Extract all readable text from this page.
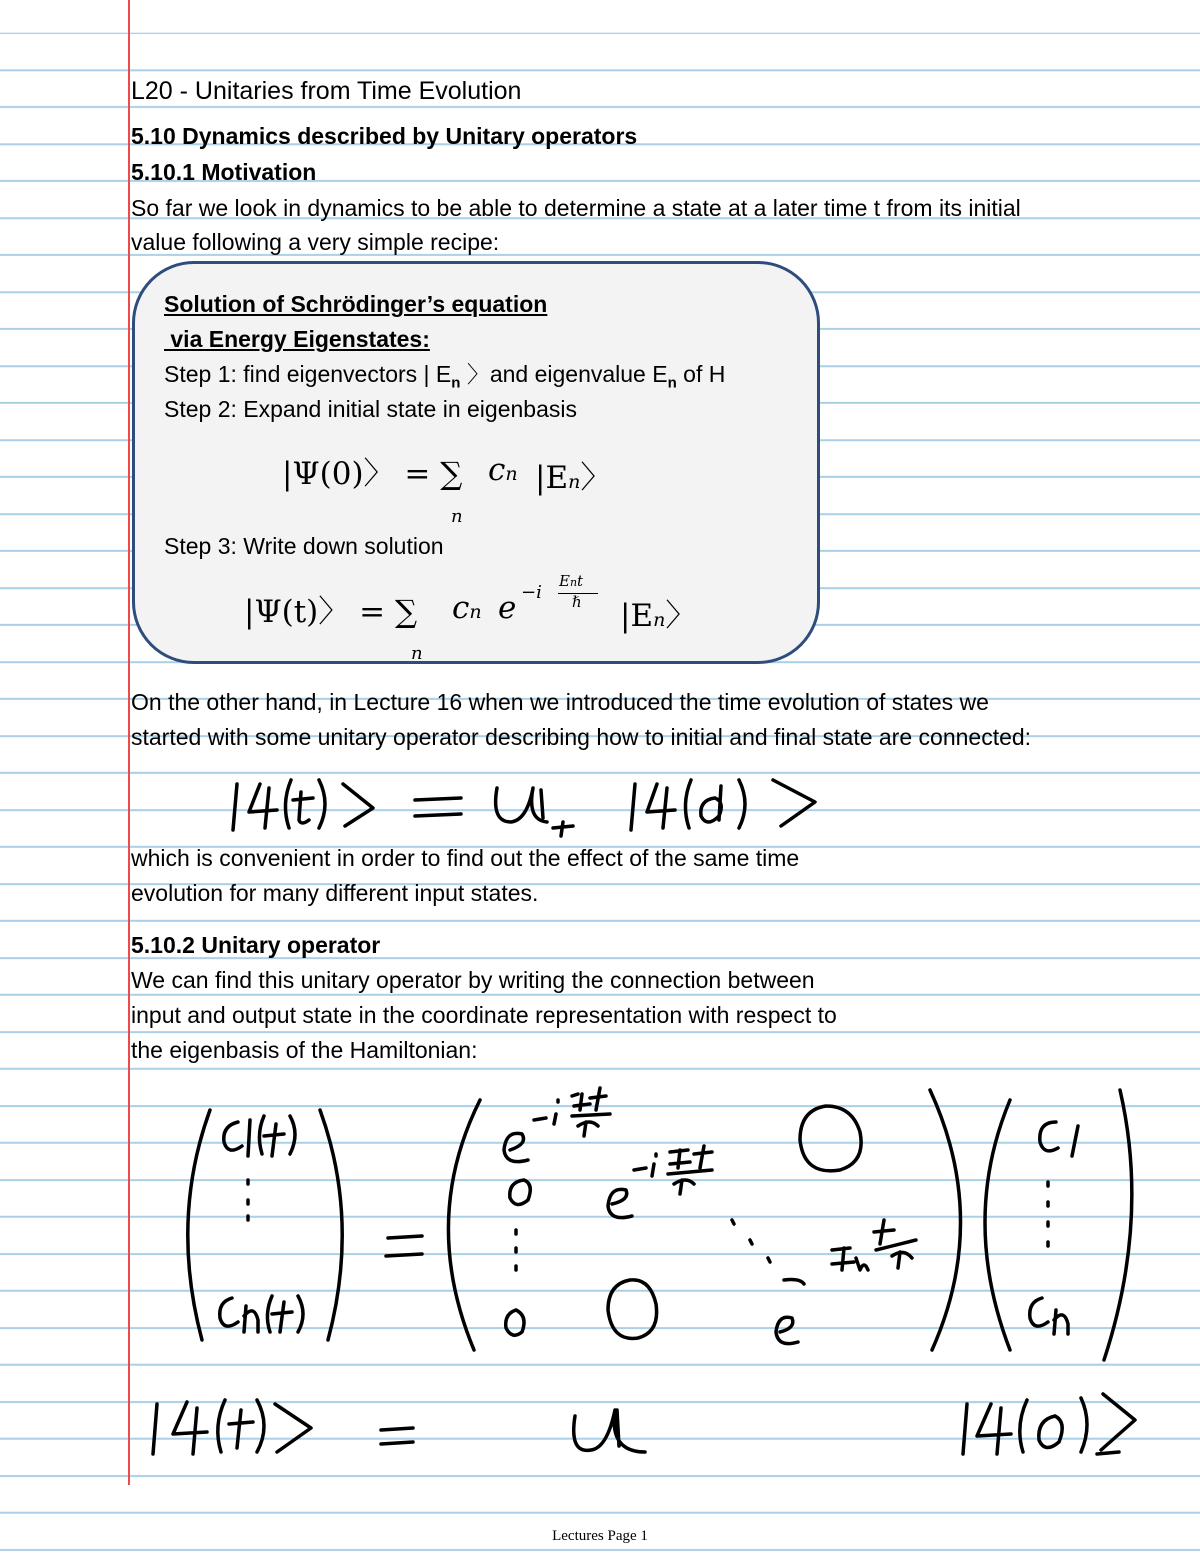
L20 - Unitaries from Time Evolution
5.10 Dynamics described by Unitary operators
5.10.1 Motivation
So far we look in dynamics to be able to determine a state at a later time t from its initial
value following a very simple recipe:
Solution of Schrödinger’s equation
via Energy Eigenstates:
Step 1: find eigenvectors | $E_n$ 〉and eigenvalue $E_n$ of H
Step 2: Expand initial state in eigenbasis
|Ψ(0)〉 = ∑ cn |En〉
n
Step 3: Write down solution
|Ψ(t)〉 = ∑ cn e −i
Ent
ℏ |En〉
n
On the other hand, in Lecture 16 when we introduced the time evolution of states we
started with some unitary operator describing how to initial and final state are connected:
which is convenient in order to find out the effect of the same time
evolution for many different input states.
5.10.2 Unitary operator
We can find this unitary operator by writing the connection between
input and output state in the coordinate representation with respect to
the eigenbasis of the Hamiltonian:
Lectures Page 1
